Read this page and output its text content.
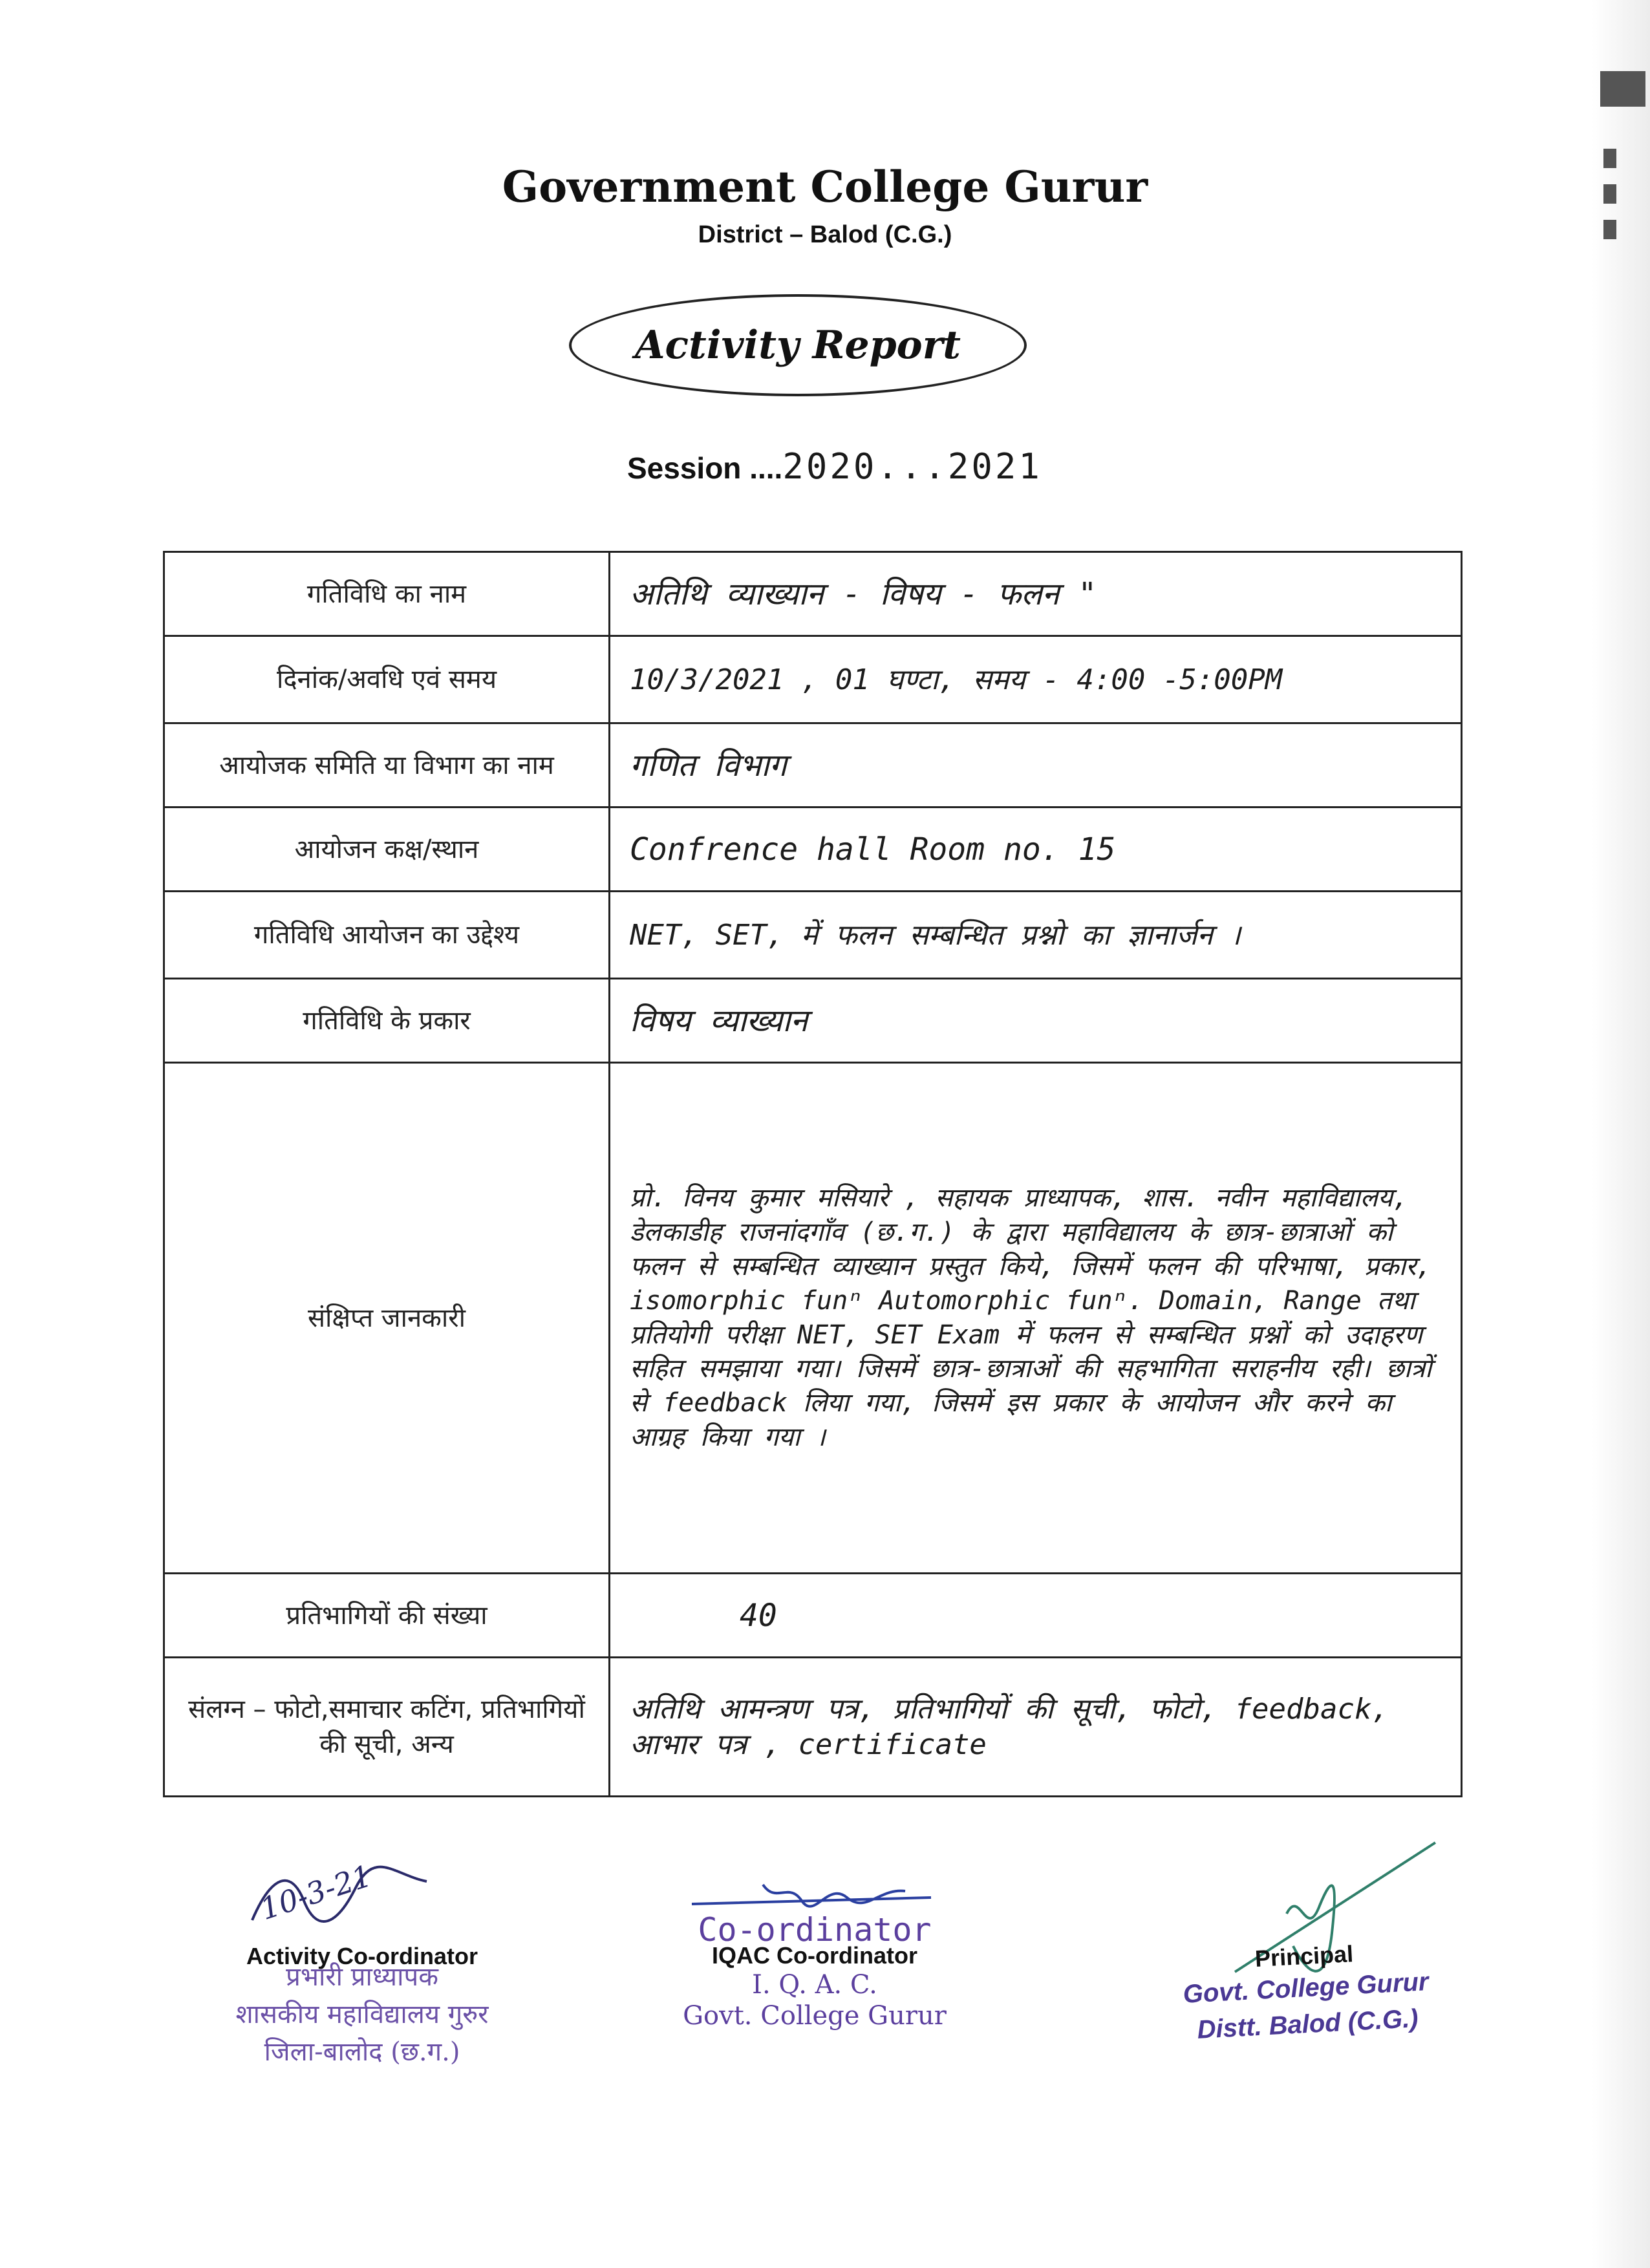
Government College Gurur
District – Balod (C.G.)
Activity Report
Session ....2020...2021
गतिविधि का नाम	अतिथि व्याख्यान - विषय - फलन "
दिनांक/अवधि एवं समय	10/3/2021 , 01 घण्टा, समय - 4:00 -5:00PM
आयोजक समिति या विभाग का नाम	गणित विभाग
आयोजन कक्ष/स्थान	Confrence hall Room no. 15
गतिविधि आयोजन का उद्देश्य	NET, SET, में फलन सम्बन्धित प्रश्नो का ज्ञानार्जन ।
गतिविधि के प्रकार	विषय व्याख्यान
संक्षिप्त जानकारी	प्रो. विनय कुमार मसियारे , सहायक प्राध्यापक, शास. नवीन महाविद्यालय, डेलकाडीह राजनांदगाँव (छ.ग.) के द्वारा महाविद्यालय के छात्र-छात्राओं को फलन से सम्बन्धित व्याख्यान प्रस्तुत किये, जिसमें फलन की परिभाषा, प्रकार, isomorphic funⁿ Automorphic funⁿ. Domain, Range तथा प्रतियोगी परीक्षा NET, SET Exam में फलन से सम्बन्धित प्रश्नों को उदाहरण सहित समझाया गया। जिसमें छात्र-छात्राओं की सहभागिता सराहनीय रही। छात्रों से feedback लिया गया, जिसमें इस प्रकार के आयोजन और करने का आग्रह किया गया ।
प्रतिभागियों की संख्या	40
संलग्न – फोटो,समाचार कटिंग, प्रतिभागियों की सूची, अन्य	अतिथि आमन्त्रण पत्र, प्रतिभागियों की सूची, फोटो, feedback, आभार पत्र , certificate
10-3-21
Activity Co-ordinator
प्रभारी प्राध्यापक
शासकीय महाविद्यालय गुरुर
जिला-बालोद (छ.ग.)
Co-ordinator
IQAC Co-ordinator
I. Q. A. C.
Govt. College Gurur
Principal
Govt. College Gurur
Distt. Balod (C.G.)
